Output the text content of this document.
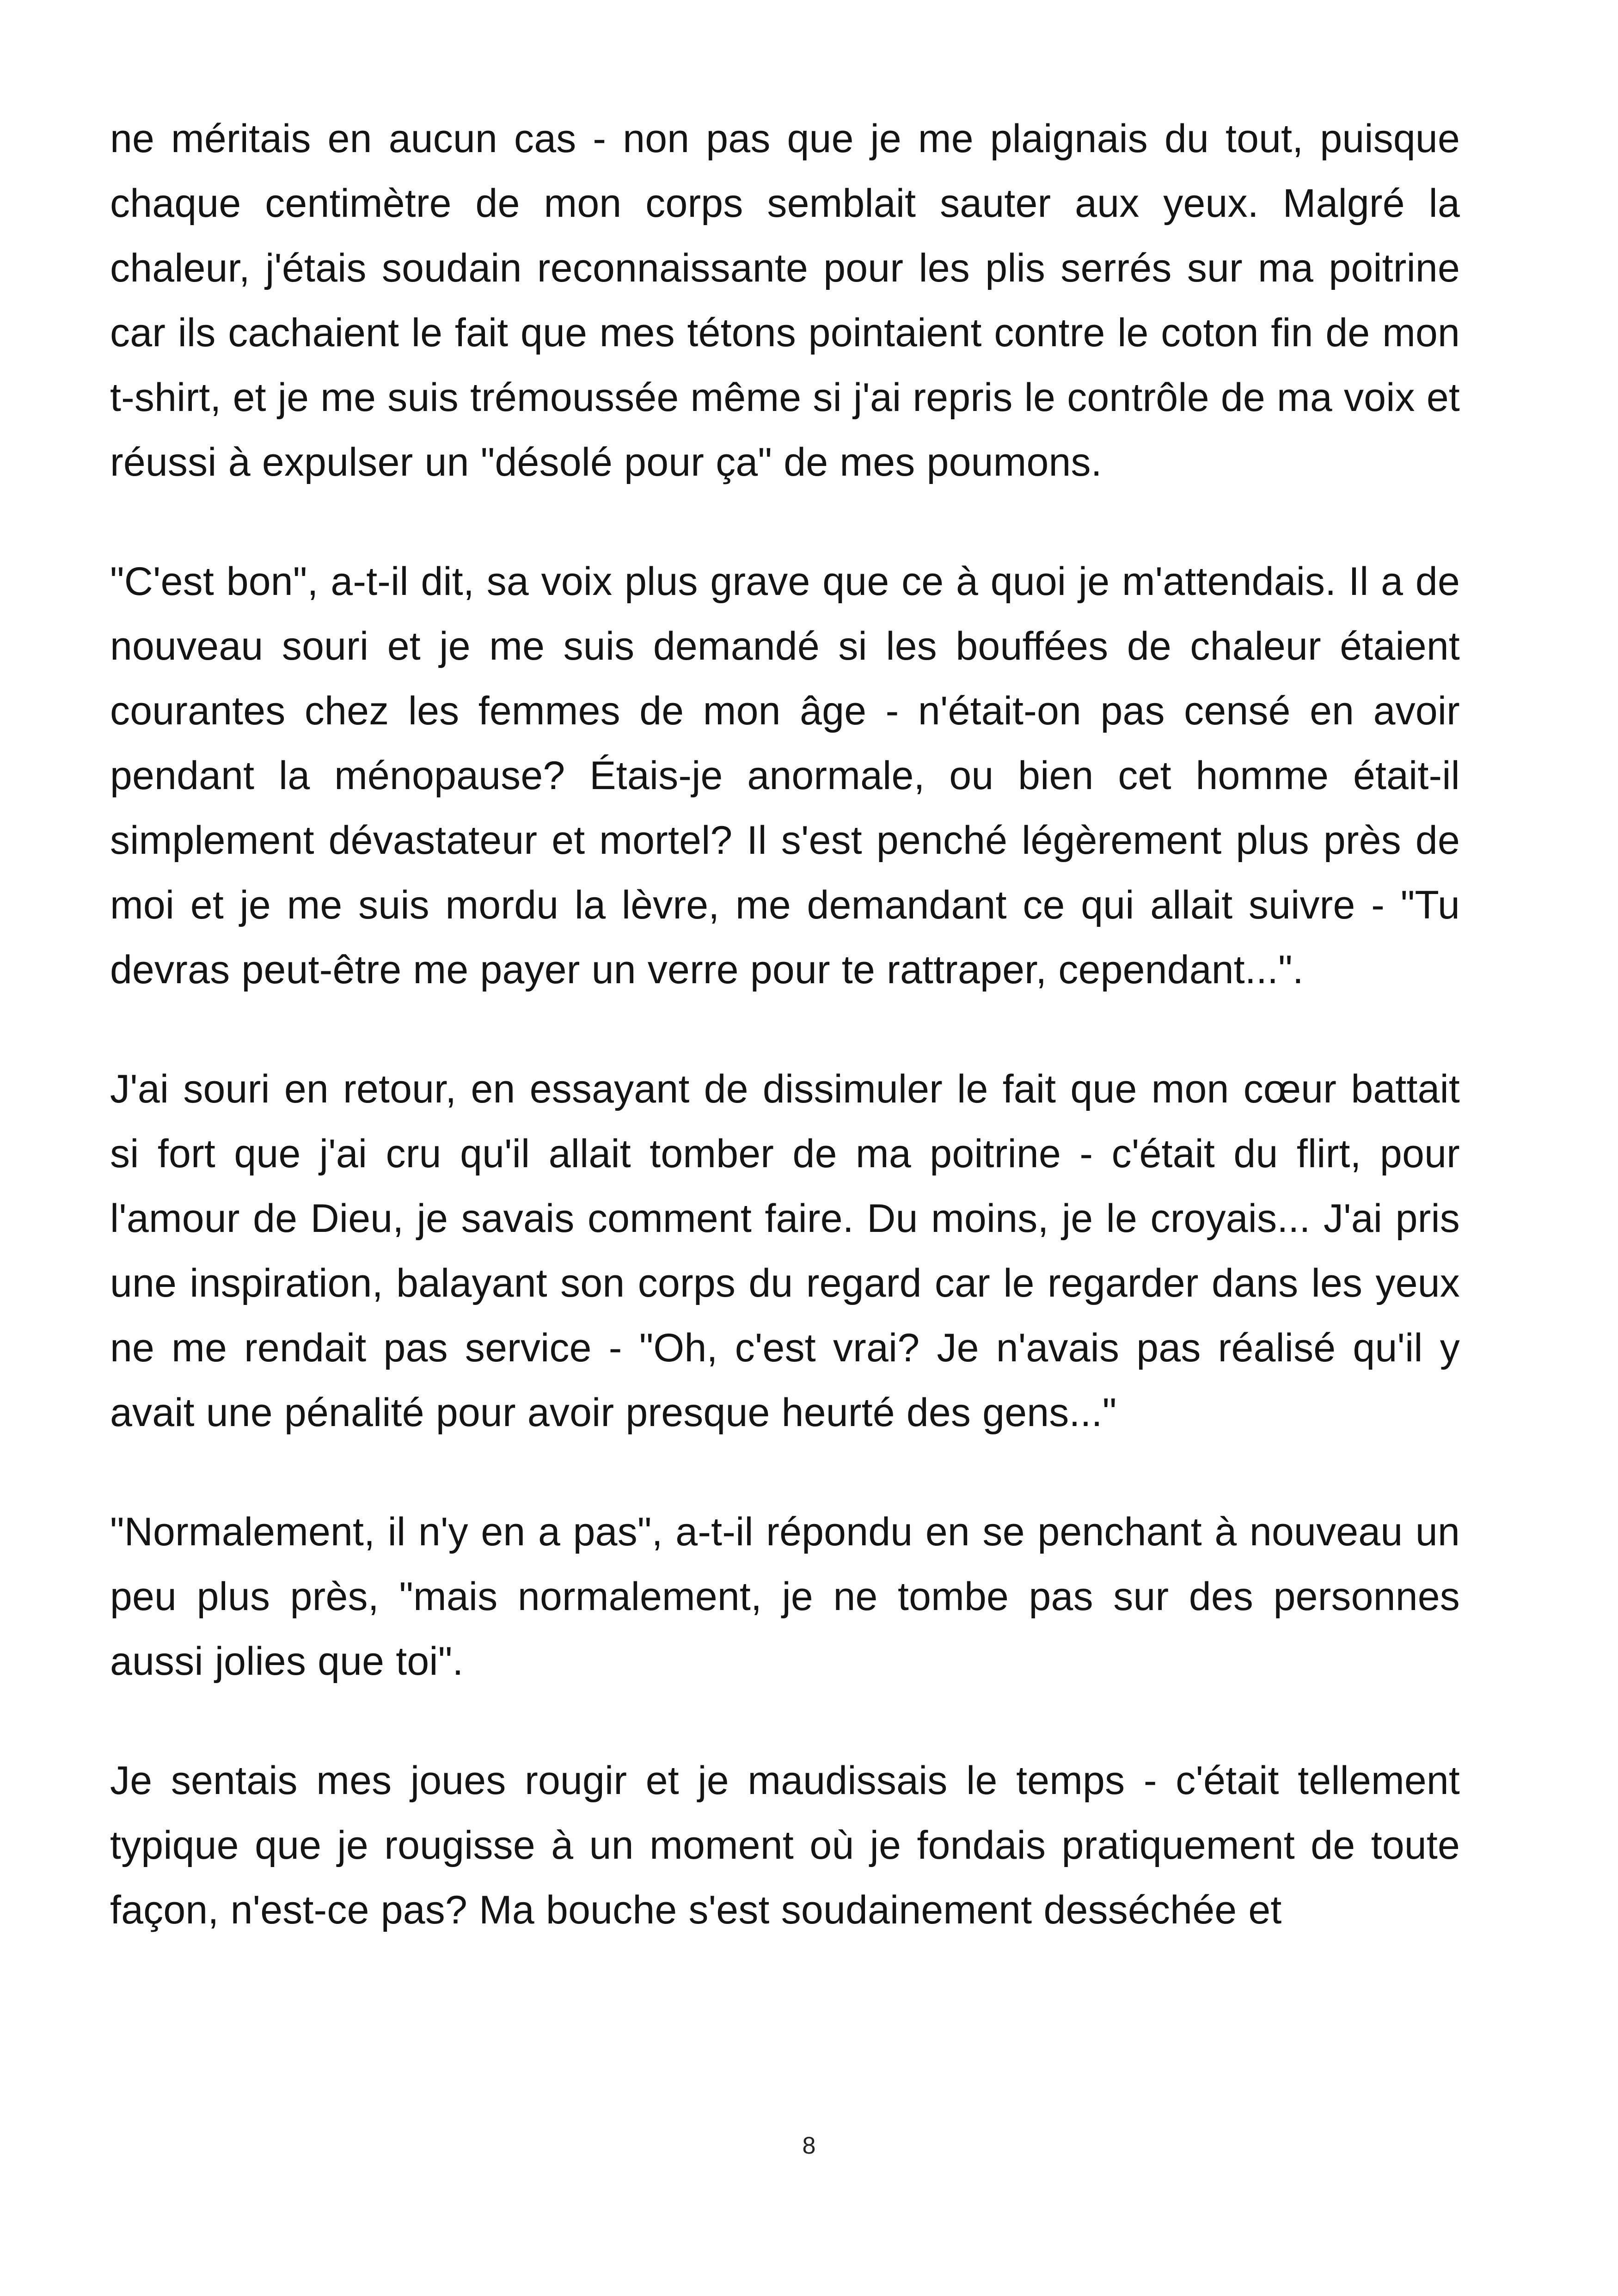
ne méritais en aucun cas - non pas que je me plaignais du tout, puisque chaque centimètre de mon corps semblait sauter aux yeux. Malgré la chaleur, j'étais soudain reconnaissante pour les plis serrés sur ma poitrine car ils cachaient le fait que mes tétons pointaient contre le coton fin de mon t-shirt, et je me suis trémoussée même si j'ai repris le contrôle de ma voix et réussi à expulser un "désolé pour ça" de mes poumons.

"C'est bon", a-t-il dit, sa voix plus grave que ce à quoi je m'attendais. Il a de nouveau souri et je me suis demandé si les bouffées de chaleur étaient courantes chez les femmes de mon âge - n'était-on pas censé en avoir pendant la ménopause? Étais-je anormale, ou bien cet homme était-il simplement dévastateur et mortel? Il s'est penché légèrement plus près de moi et je me suis mordu la lèvre, me demandant ce qui allait suivre - "Tu devras peut-être me payer un verre pour te rattraper, cependant...".

J'ai souri en retour, en essayant de dissimuler le fait que mon cœur battait si fort que j'ai cru qu'il allait tomber de ma poitrine - c'était du flirt, pour l'amour de Dieu, je savais comment faire. Du moins, je le croyais... J'ai pris une inspiration, balayant son corps du regard car le regarder dans les yeux ne me rendait pas service - "Oh, c'est vrai? Je n'avais pas réalisé qu'il y avait une pénalité pour avoir presque heurté des gens..."

"Normalement, il n'y en a pas", a-t-il répondu en se penchant à nouveau un peu plus près, "mais normalement, je ne tombe pas sur des personnes aussi jolies que toi".

Je sentais mes joues rougir et je maudissais le temps - c'était tellement typique que je rougisse à un moment où je fondais pratiquement de toute façon, n'est-ce pas? Ma bouche s'est soudainement desséchée et

8
